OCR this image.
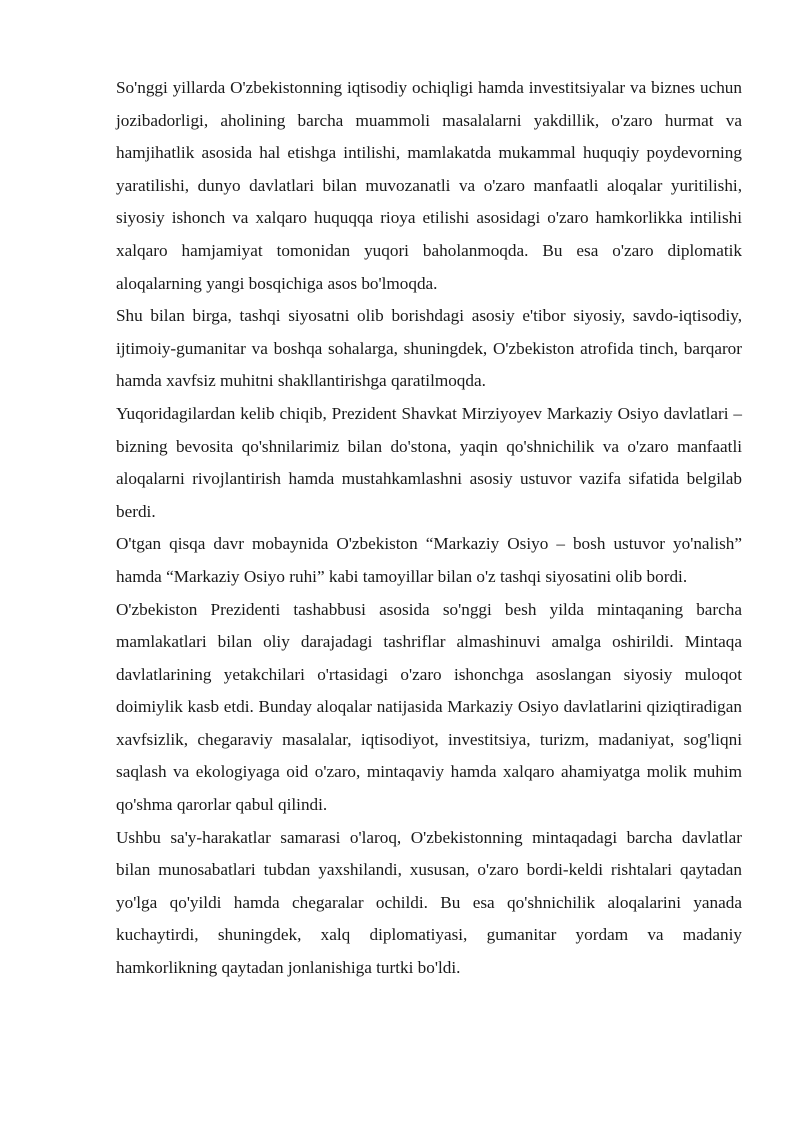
So'nggi yillarda O'zbekistonning iqtisodiy ochiqligi hamda investitsiyalar va biznes uchun jozibadorligi, aholining barcha muammoli masalalarni yakdillik, o'zaro hurmat va hamjihatlik asosida hal etishga intilishi, mamlakatda mukammal huquqiy poydevorning yaratilishi, dunyo davlatlari bilan muvozanatli va o'zaro manfaatli aloqalar yuritilishi, siyosiy ishonch va xalqaro huquqqa rioya etilishi asosidagi o'zaro hamkorlikka intilishi xalqaro hamjamiyat tomonidan yuqori baholanmoqda. Bu esa o'zaro diplomatik aloqalarning yangi bosqichiga asos bo'lmoqda.

Shu bilan birga, tashqi siyosatni olib borishdagi asosiy e'tibor siyosiy, savdo-iqtisodiy, ijtimoiy-gumanitar va boshqa sohalarga, shuningdek, O'zbekiston atrofida tinch, barqaror hamda xavfsiz muhitni shakllantirishga qaratilmoqda.

Yuqoridagilardan kelib chiqib, Prezident Shavkat Mirziyoyev Markaziy Osiyo davlatlari – bizning bevosita qo'shnilarimiz bilan do'stona, yaqin qo'shnichilik va o'zaro manfaatli aloqalarni rivojlantirish hamda mustahkamlashni asosiy ustuvor vazifa sifatida belgilab berdi.

O'tgan qisqa davr mobaynida O'zbekiston “Markaziy Osiyo – bosh ustuvor yo'nalish” hamda “Markaziy Osiyo ruhi” kabi tamoyillar bilan o'z tashqi siyosatini olib bordi.

O'zbekiston Prezidenti tashabbusi asosida so'nggi besh yilda mintaqaning barcha mamlakatlari bilan oliy darajadagi tashriflar almashinuvi amalga oshirildi. Mintaqa davlatlarining yetakchilari o'rtasidagi o'zaro ishonchga asoslangan siyosiy muloqot doimiylik kasb etdi. Bunday aloqalar natijasida Markaziy Osiyo davlatlarini qiziqtiradigan xavfsizlik, chegaraviy masalalar, iqtisodiyot, investitsiya, turizm, madaniyat, sog'liqni saqlash va ekologiyaga oid o'zaro, mintaqaviy hamda xalqaro ahamiyatga molik muhim qo'shma qarorlar qabul qilindi.

Ushbu sa'y-harakatlar samarasi o'laroq, O'zbekistonning mintaqadagi barcha davlatlar bilan munosabatlari tubdan yaxshilandi, xususan, o'zaro bordi-keldi rishtalari qaytadan yo'lga qo'yildi hamda chegaralar ochildi. Bu esa qo'shnichilik aloqalarini yanada kuchaytirdi, shuningdek, xalq diplomatiyasi, gumanitar yordam va madaniy hamkorlikning qaytadan jonlanishiga turtki bo'ldi.
